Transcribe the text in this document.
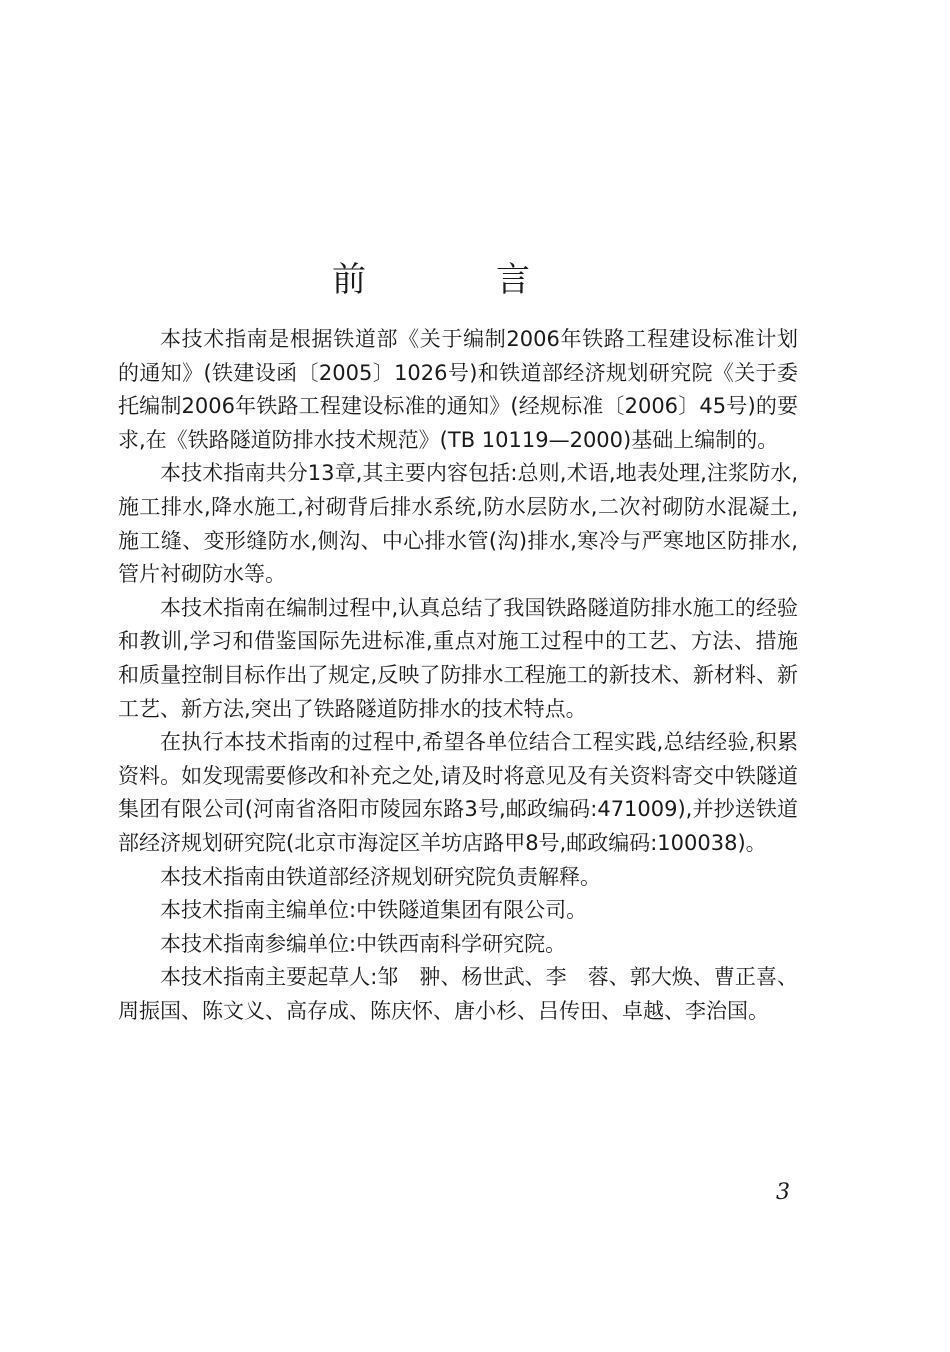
前　言

本技术指南是根据铁道部《关于编制2006年铁路工程建设标准计划的通知》(铁建设函〔2005〕1026号)和铁道部经济规划研究院《关于委托编制2006年铁路工程建设标准的通知》(经规标准〔2006〕45号)的要求,在《铁路隧道防排水技术规范》(TB 10119—2000)基础上编制的。

本技术指南共分13章,其主要内容包括:总则,术语,地表处理,注浆防水,施工排水,降水施工,衬砌背后排水系统,防水层防水,二次衬砌防水混凝土,施工缝、变形缝防水,侧沟、中心排水管(沟)排水,寒冷与严寒地区防排水,管片衬砌防水等。

本技术指南在编制过程中,认真总结了我国铁路隧道防排水施工的经验和教训,学习和借鉴国际先进标准,重点对施工过程中的工艺、方法、措施和质量控制目标作出了规定,反映了防排水工程施工的新技术、新材料、新工艺、新方法,突出了铁路隧道防排水的技术特点。

在执行本技术指南的过程中,希望各单位结合工程实践,总结经验,积累资料。如发现需要修改和补充之处,请及时将意见及有关资料寄交中铁隧道集团有限公司(河南省洛阳市陵园东路3号,邮政编码:471009),并抄送铁道部经济规划研究院(北京市海淀区羊坊店路甲8号,邮政编码:100038)。

本技术指南由铁道部经济规划研究院负责解释。

本技术指南主编单位:中铁隧道集团有限公司。

本技术指南参编单位:中铁西南科学研究院。

本技术指南主要起草人:邹　翀、杨世武、李　蓉、郭大焕、曹正喜、周振国、陈文义、高存成、陈庆怀、唐小杉、吕传田、卓越、李治国。

3
